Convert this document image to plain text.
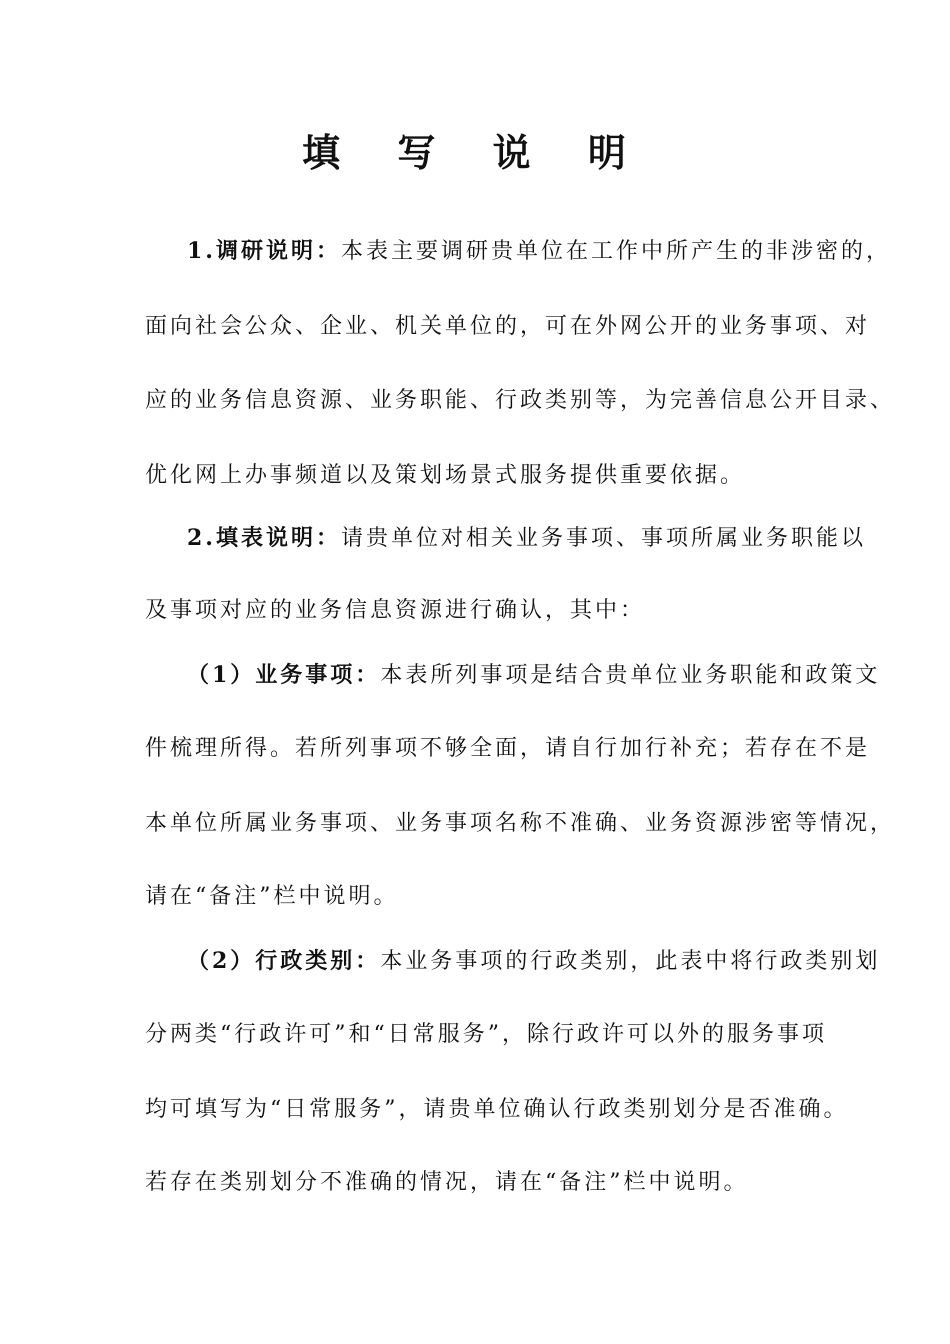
填 写 说 明

1.调研说明：本表主要调研贵单位在工作中所产生的非涉密的，

面向社会公众、企业、机关单位的，可在外网公开的业务事项、对

应的业务信息资源、业务职能、行政类别等，为完善信息公开目录、

优化网上办事频道以及策划场景式服务提供重要依据。

2.填表说明：请贵单位对相关业务事项、事项所属业务职能以

及事项对应的业务信息资源进行确认，其中：

（1）业务事项：本表所列事项是结合贵单位业务职能和政策文

件梳理所得。若所列事项不够全面，请自行加行补充；若存在不是

本单位所属业务事项、业务事项名称不准确、业务资源涉密等情况，

请在“备注”栏中说明。

（2）行政类别：本业务事项的行政类别，此表中将行政类别划

分两类“行政许可”和“日常服务”，除行政许可以外的服务事项

均可填写为“日常服务”，请贵单位确认行政类别划分是否准确。

若存在类别划分不准确的情况，请在“备注”栏中说明。
